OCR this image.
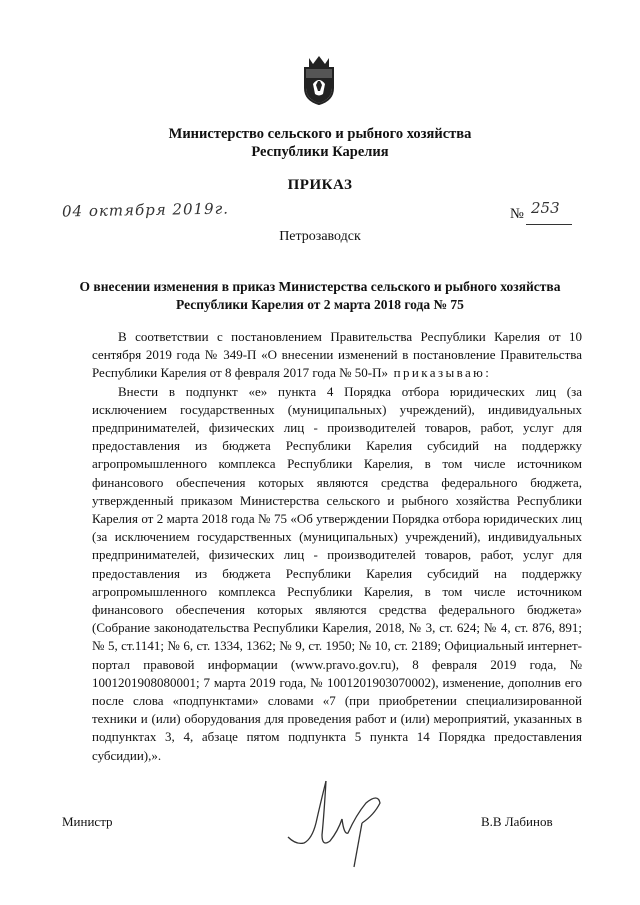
Министерство сельского и рыбного хозяйства
Республики Карелия
ПРИКАЗ
04 октября 2019г.	№ 253
Петрозаводск
О внесении изменения в приказ Министерства сельского и рыбного хозяйства
Республики Карелия от 2 марта 2018 года № 75

В соответствии с постановлением Правительства Республики Карелия от 10 сентября 2019 года № 349-П «О внесении изменений в постановление Правительства Республики Карелия от 8 февраля 2017 года № 50-П» приказываю:

Внести в подпункт «е» пункта 4 Порядка отбора юридических лиц (за исключением государственных (муниципальных) учреждений), индивидуальных предпринимателей, физических лиц - производителей товаров, работ, услуг для предоставления из бюджета Республики Карелия субсидий на поддержку агропромышленного комплекса Республики Карелия, в том числе источником финансового обеспечения которых являются средства федерального бюджета, утвержденный приказом Министерства сельского и рыбного хозяйства Республики Карелия от 2 марта 2018 года № 75 «Об утверждении Порядка отбора юридических лиц (за исключением государственных (муниципальных) учреждений), индивидуальных предпринимателей, физических лиц - производителей товаров, работ, услуг для предоставления из бюджета Республики Карелия субсидий на поддержку агропромышленного комплекса Республики Карелия, в том числе источником финансового обеспечения которых являются средства федерального бюджета» (Собрание законодательства Республики Карелия, 2018, № 3, ст. 624; № 4, ст. 876, 891; № 5, ст.1141; № 6, ст. 1334, 1362; № 9, ст. 1950; № 10, ст. 2189; Официальный интернет-портал правовой информации (www.pravo.gov.ru), 8 февраля 2019 года, № 1001201908080001; 7 марта 2019 года, № 1001201903070002), изменение, дополнив его после слова «подпунктами» словами «7 (при приобретении специализированной техники и (или) оборудования для проведения работ и (или) мероприятий, указанных в подпунктах 3, 4, абзаце пятом подпункта 5 пункта 14 Порядка предоставления субсидии),».

Министр	В.В Лабинов
